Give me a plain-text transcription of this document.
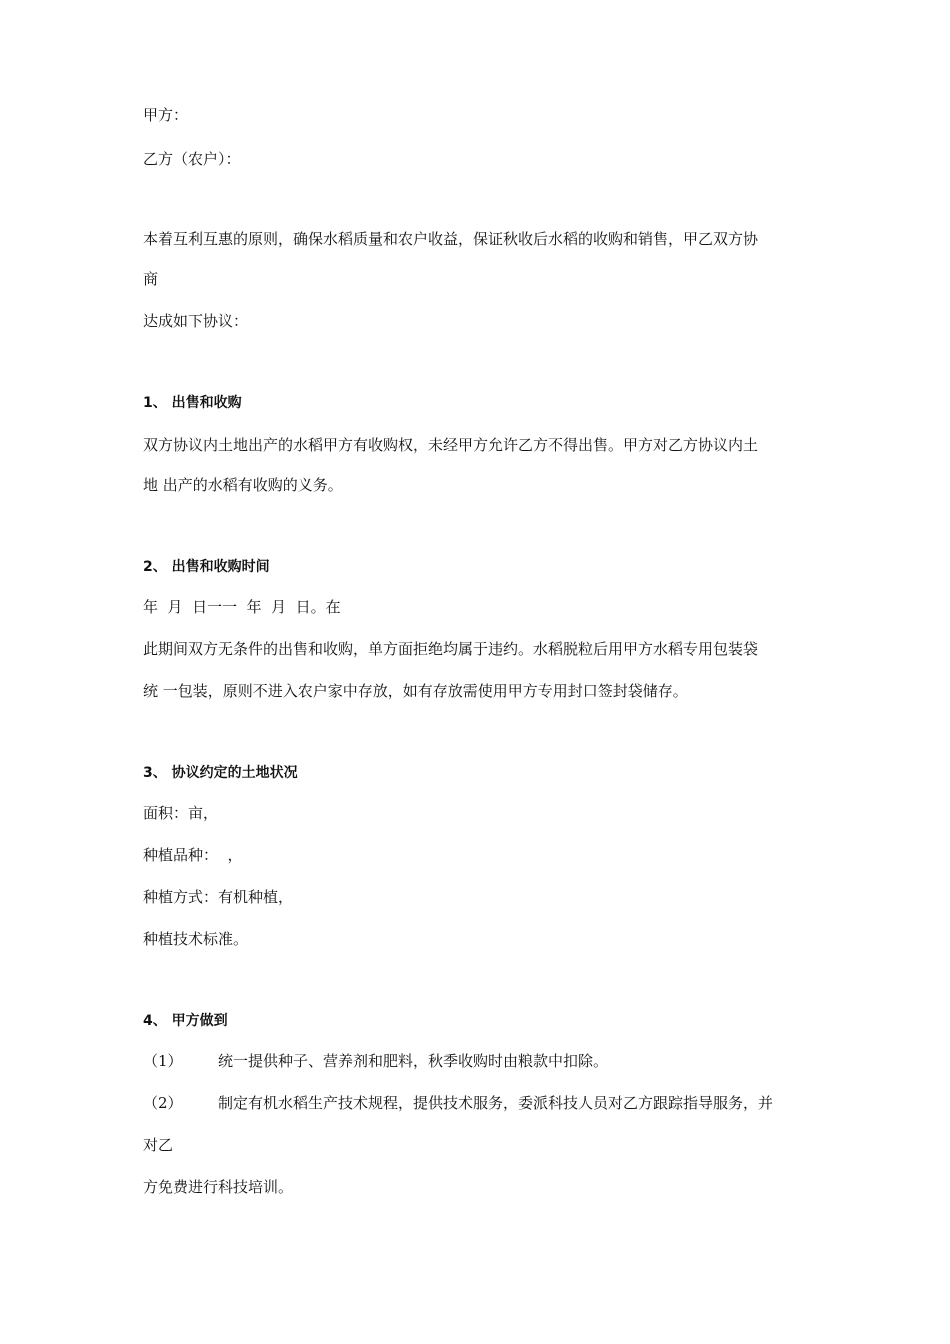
甲方：
乙方（农户）：
本着互利互惠的原则，确保水稻质量和农户收益，保证秋收后水稻的收购和销售，甲乙双方协
商
达成如下协议：
1、 出售和收购
双方协议内土地出产的水稻甲方有收购权，未经甲方允许乙方不得出售。甲方对乙方协议内土
地 出产的水稻有收购的义务。
2、 出售和收购时间
年  月  日一一  年  月  日。在
此期间双方无条件的出售和收购，单方面拒绝均属于违约。水稻脱粒后用甲方水稻专用包装袋
统 一包装，原则不进入农户家中存放，如有存放需使用甲方专用封口签封袋储存。
3、 协议约定的土地状况
面积：亩，
种植品种：  ，
种植方式：有机种植，
种植技术标准。
4、 甲方做到
（1） 统一提供种子、营养剂和肥料，秋季收购时由粮款中扣除。
（2） 制定有机水稻生产技术规程，提供技术服务，委派科技人员对乙方跟踪指导服务，并
对乙
方免费进行科技培训。
